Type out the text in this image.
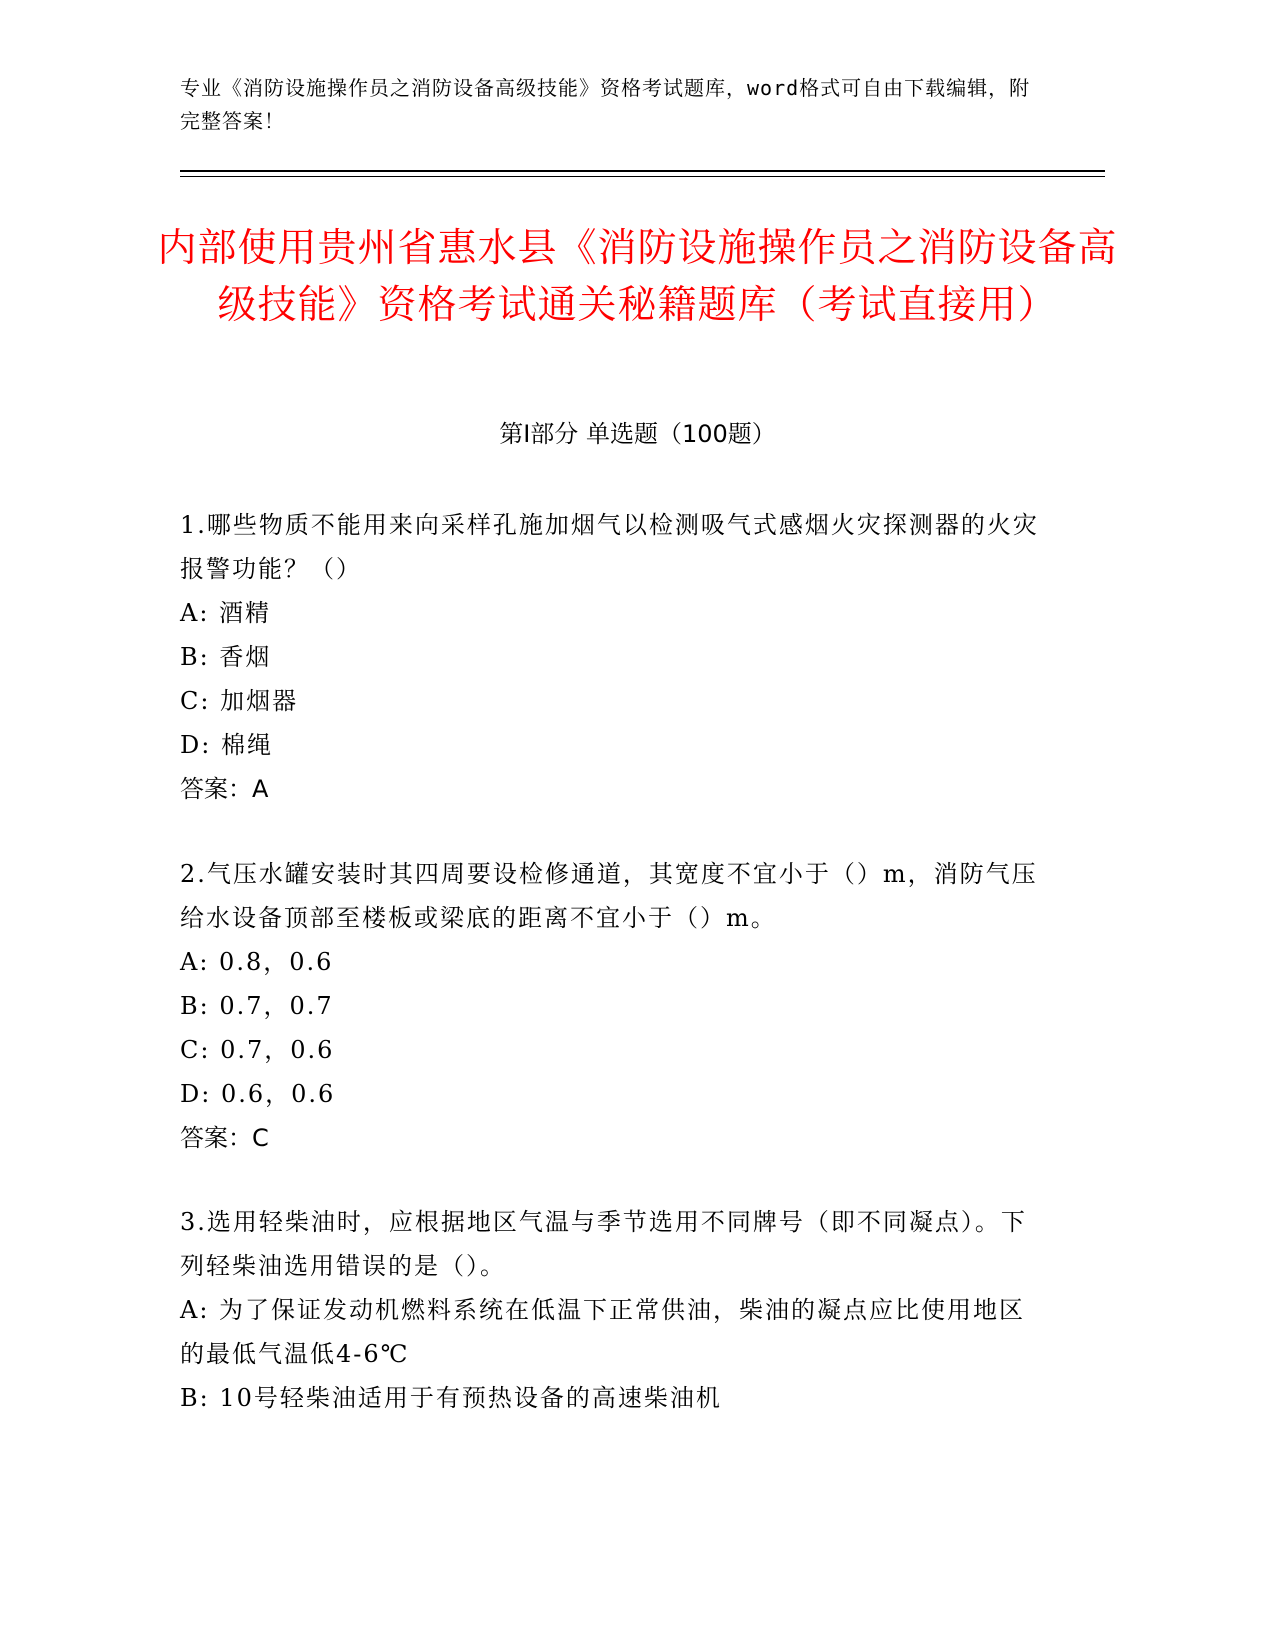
专业《消防设施操作员之消防设备高级技能》资格考试题库，word格式可自由下载编辑，附完整答案！
内部使用贵州省惠水县《消防设施操作员之消防设备高级技能》资格考试通关秘籍题库（考试直接用）
第I部分 单选题（100题）
1.哪些物质不能用来向采样孔施加烟气以检测吸气式感烟火灾探测器的火灾报警功能？（）
A: 酒精
B: 香烟
C: 加烟器
D: 棉绳
答案：A
2.气压水罐安装时其四周要设检修通道，其宽度不宜小于（）m，消防气压给水设备顶部至楼板或梁底的距离不宜小于（）m。
A: 0.8，0.6
B: 0.7，0.7
C: 0.7，0.6
D: 0.6，0.6
答案：C
3.选用轻柴油时，应根据地区气温与季节选用不同牌号（即不同凝点）。下列轻柴油选用错误的是（）。
A: 为了保证发动机燃料系统在低温下正常供油，柴油的凝点应比使用地区的最低气温低4-6℃
B: 10号轻柴油适用于有预热设备的高速柴油机
